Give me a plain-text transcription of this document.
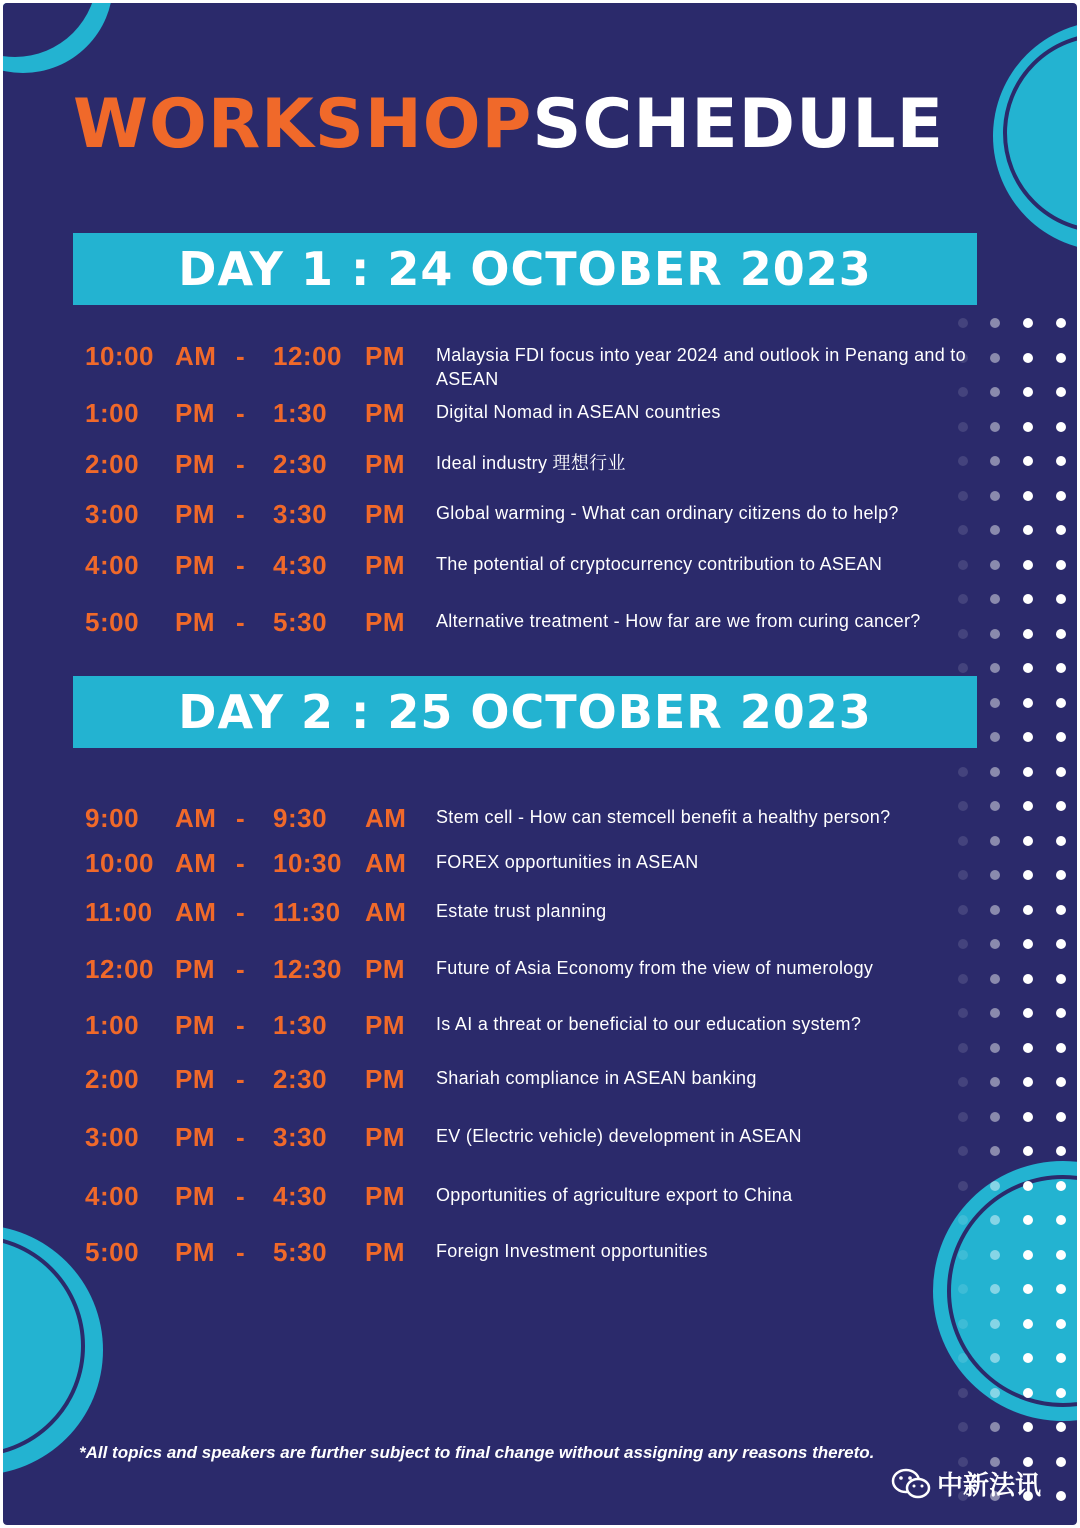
WORKSHOPSCHEDULE
DAY 1 : 24 OCTOBER 2023
10:00 AM - 12:00 PM Malaysia FDI focus into year 2024 and outlook in Penang and to ASEAN
1:00 PM - 1:30 PM Digital Nomad in ASEAN countries
2:00 PM - 2:30 PM Ideal industry 理想行业
3:00 PM - 3:30 PM Global warming - What can ordinary citizens do to help?
4:00 PM - 4:30 PM The potential of cryptocurrency contribution to ASEAN
5:00 PM - 5:30 PM Alternative treatment - How far are we from curing cancer?
DAY 2 : 25 OCTOBER 2023
9:00 AM - 9:30 AM Stem cell - How can stemcell benefit a healthy person?
10:00 AM - 10:30 AM FOREX opportunities in ASEAN
11:00 AM - 11:30 AM Estate trust planning
12:00 PM - 12:30 PM Future of Asia Economy from the view of numerology
1:00 PM - 1:30 PM Is AI a threat or beneficial to our education system?
2:00 PM - 2:30 PM Shariah compliance in ASEAN banking
3:00 PM - 3:30 PM EV (Electric vehicle) development in ASEAN
4:00 PM - 4:30 PM Opportunities of agriculture export to China
5:00 PM - 5:30 PM Foreign Investment opportunities
*All topics and speakers are further subject to final change without assigning any reasons thereto.
中新法讯
